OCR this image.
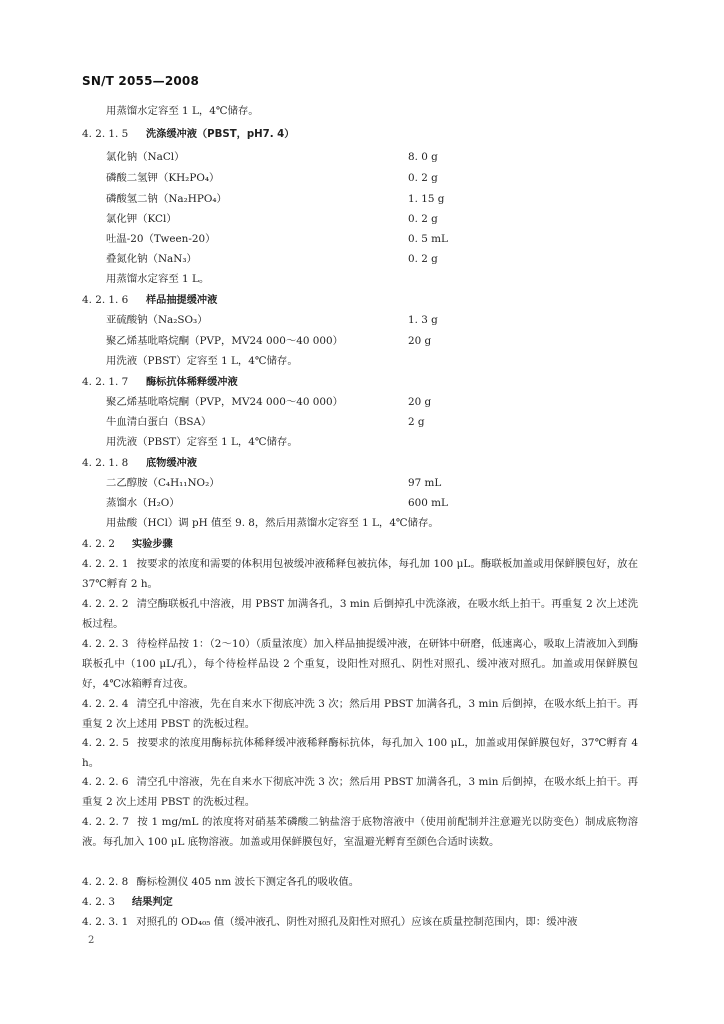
SN/T 2055—2008
用蒸馏水定容至 1 L，4℃储存。
4. 2. 1. 5 洗涤缓冲液（PBST，pH7. 4）
氯化钠（NaCl）	8. 0 g
磷酸二氢钾（KH₂PO₄）	0. 2 g
磷酸氢二钠（Na₂HPO₄）	1. 15 g
氯化钾（KCl）	0. 2 g
吐温-20（Tween-20）	0. 5 mL
叠氮化钠（NaN₃）	0. 2 g
用蒸馏水定容至 1 L。
4. 2. 1. 6 样品抽提缓冲液
亚硫酸钠（Na₂SO₃）	1. 3 g
聚乙烯基吡咯烷酮（PVP，MV24 000～40 000）	20 g
用洗液（PBST）定容至 1 L，4℃储存。
4. 2. 1. 7 酶标抗体稀释缓冲液
聚乙烯基吡咯烷酮（PVP，MV24 000～40 000）	20 g
牛血清白蛋白（BSA）	2 g
用洗液（PBST）定容至 1 L，4℃储存。
4. 2. 1. 8 底物缓冲液
二乙醇胺（C₄H₁₁NO₂）	97 mL
蒸馏水（H₂O）	600 mL
用盐酸（HCl）调 pH 值至 9. 8，然后用蒸馏水定容至 1 L，4℃储存。
4. 2. 2 实验步骤
4. 2. 2. 1 按要求的浓度和需要的体积用包被缓冲液稀释包被抗体，每孔加 100 μL。酶联板加盖或用保鲜膜包好，放在 37℃孵育 2 h。
4. 2. 2. 2 清空酶联板孔中溶液，用 PBST 加满各孔，3 min 后倒掉孔中洗涤液，在吸水纸上拍干。再重复 2 次上述洗板过程。
4. 2. 2. 3 待检样品按 1：（2～10）（质量浓度）加入样品抽提缓冲液，在研钵中研磨，低速离心，吸取上清液加入到酶联板孔中（100 μL/孔），每个待检样品设 2 个重复，设阳性对照孔、阴性对照孔、缓冲液对照孔。加盖或用保鲜膜包好，4℃冰箱孵育过夜。
4. 2. 2. 4 清空孔中溶液，先在自来水下彻底冲洗 3 次；然后用 PBST 加满各孔，3 min 后倒掉，在吸水纸上拍干。再重复 2 次上述用 PBST 的洗板过程。
4. 2. 2. 5 按要求的浓度用酶标抗体稀释缓冲液稀释酶标抗体，每孔加入 100 μL，加盖或用保鲜膜包好，37℃孵育 4 h。
4. 2. 2. 6 清空孔中溶液，先在自来水下彻底冲洗 3 次；然后用 PBST 加满各孔，3 min 后倒掉，在吸水纸上拍干。再重复 2 次上述用 PBST 的洗板过程。
4. 2. 2. 7 按 1 mg/mL 的浓度将对硝基苯磷酸二钠盐溶于底物溶液中（使用前配制并注意避光以防变色）制成底物溶液。每孔加入 100 μL 底物溶液。加盖或用保鲜膜包好，室温避光孵育至颜色合适时读数。
4. 2. 2. 8 酶标检测仪 405 nm 波长下测定各孔的吸收值。
4. 2. 3 结果判定
4. 2. 3. 1 对照孔的 OD₄₀₅ 值（缓冲液孔、阴性对照孔及阳性对照孔）应该在质量控制范围内，即：缓冲液
2
